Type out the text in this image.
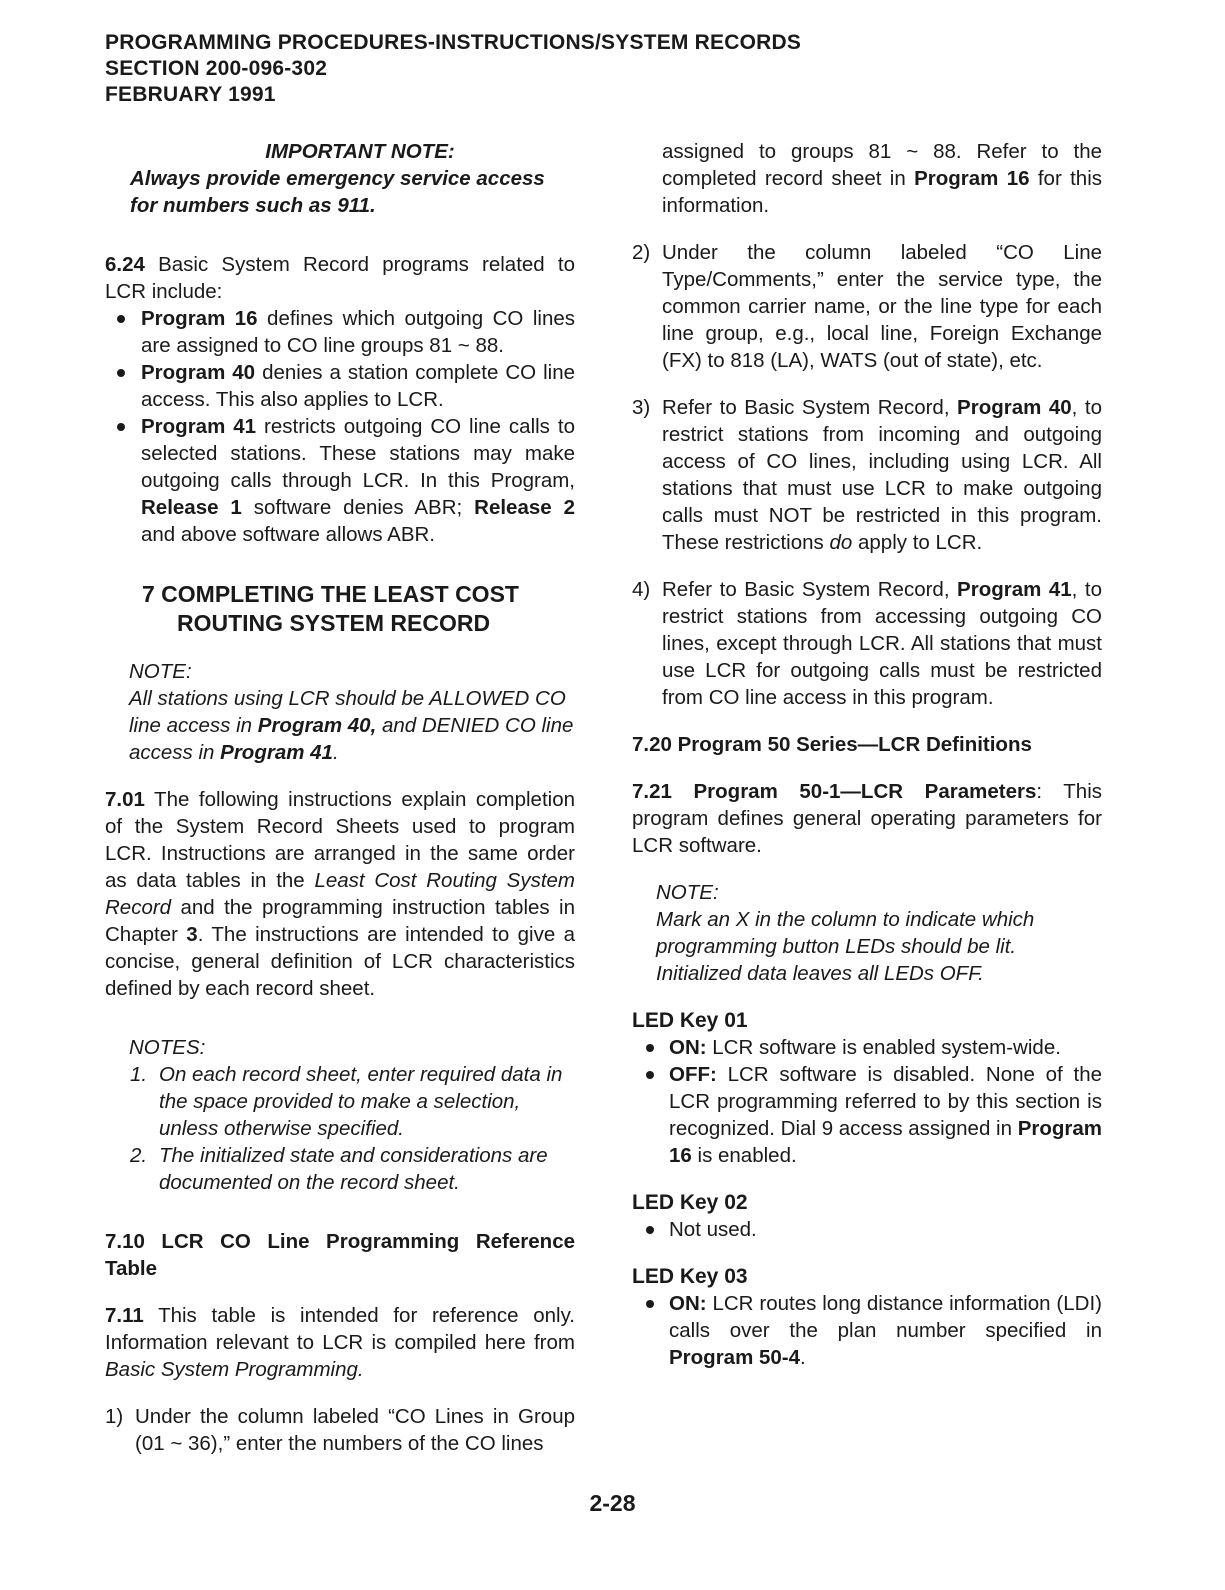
PROGRAMMING PROCEDURES-INSTRUCTIONS/SYSTEM RECORDS
SECTION 200-096-302
FEBRUARY 1991

IMPORTANT NOTE:

Always provide emergency service access for numbers such as 911.

6.24 Basic System Record programs related to LCR include:

Program 16 defines which outgoing CO lines are assigned to CO line groups 81 ~ 88.
Program 40 denies a station complete CO line access. This also applies to LCR.
Program 41 restricts outgoing CO line calls to selected stations. These stations may make outgoing calls through LCR. In this Program, Release 1 software denies ABR; Release 2 and above software allows ABR.
7 COMPLETING THE LEAST COST
ROUTING SYSTEM RECORD
NOTE:
All stations using LCR should be ALLOWED CO line access in Program 40, and DENIED CO line access in Program 41.

7.01 The following instructions explain completion of the System Record Sheets used to program LCR. Instructions are arranged in the same order as data tables in the Least Cost Routing System Record and the programming instruction tables in Chapter 3. The instructions are intended to give a concise, general definition of LCR characteristics defined by each record sheet.

NOTES:
1. On each record sheet, enter required data in the space provided to make a selection, unless otherwise specified.
2. The initialized state and considerations are documented on the record sheet.

7.10 LCR CO Line Programming Reference Table

7.11 This table is intended for reference only. Information relevant to LCR is compiled here from Basic System Programming.

1) Under the column labeled “CO Lines in Group (01 ~ 36),” enter the numbers of the CO lines
assigned to groups 81 ~ 88. Refer to the completed record sheet in Program 16 for this information.
2) Under the column labeled “CO Line Type/Comments,” enter the service type, the common carrier name, or the line type for each line group, e.g., local line, Foreign Exchange (FX) to 818 (LA), WATS (out of state), etc.
3) Refer to Basic System Record, Program 40, to restrict stations from incoming and outgoing access of CO lines, including using LCR. All stations that must use LCR to make outgoing calls must NOT be restricted in this program. These restrictions do apply to LCR.
4) Refer to Basic System Record, Program 41, to restrict stations from accessing outgoing CO lines, except through LCR. All stations that must use LCR for outgoing calls must be restricted from CO line access in this program.

7.20 Program 50 Series—LCR Definitions

7.21 Program 50-1—LCR Parameters: This program defines general operating parameters for LCR software.

NOTE:
Mark an X in the column to indicate which programming button LEDs should be lit. Initialized data leaves all LEDs OFF.

LED Key 01

ON: LCR software is enabled system-wide.
OFF: LCR software is disabled. None of the LCR programming referred to by this section is recognized. Dial 9 access assigned in Program 16 is enabled.

LED Key 02

Not used.

LED Key 03

ON: LCR routes long distance information (LDI) calls over the plan number specified in Program 50-4.
2-28
